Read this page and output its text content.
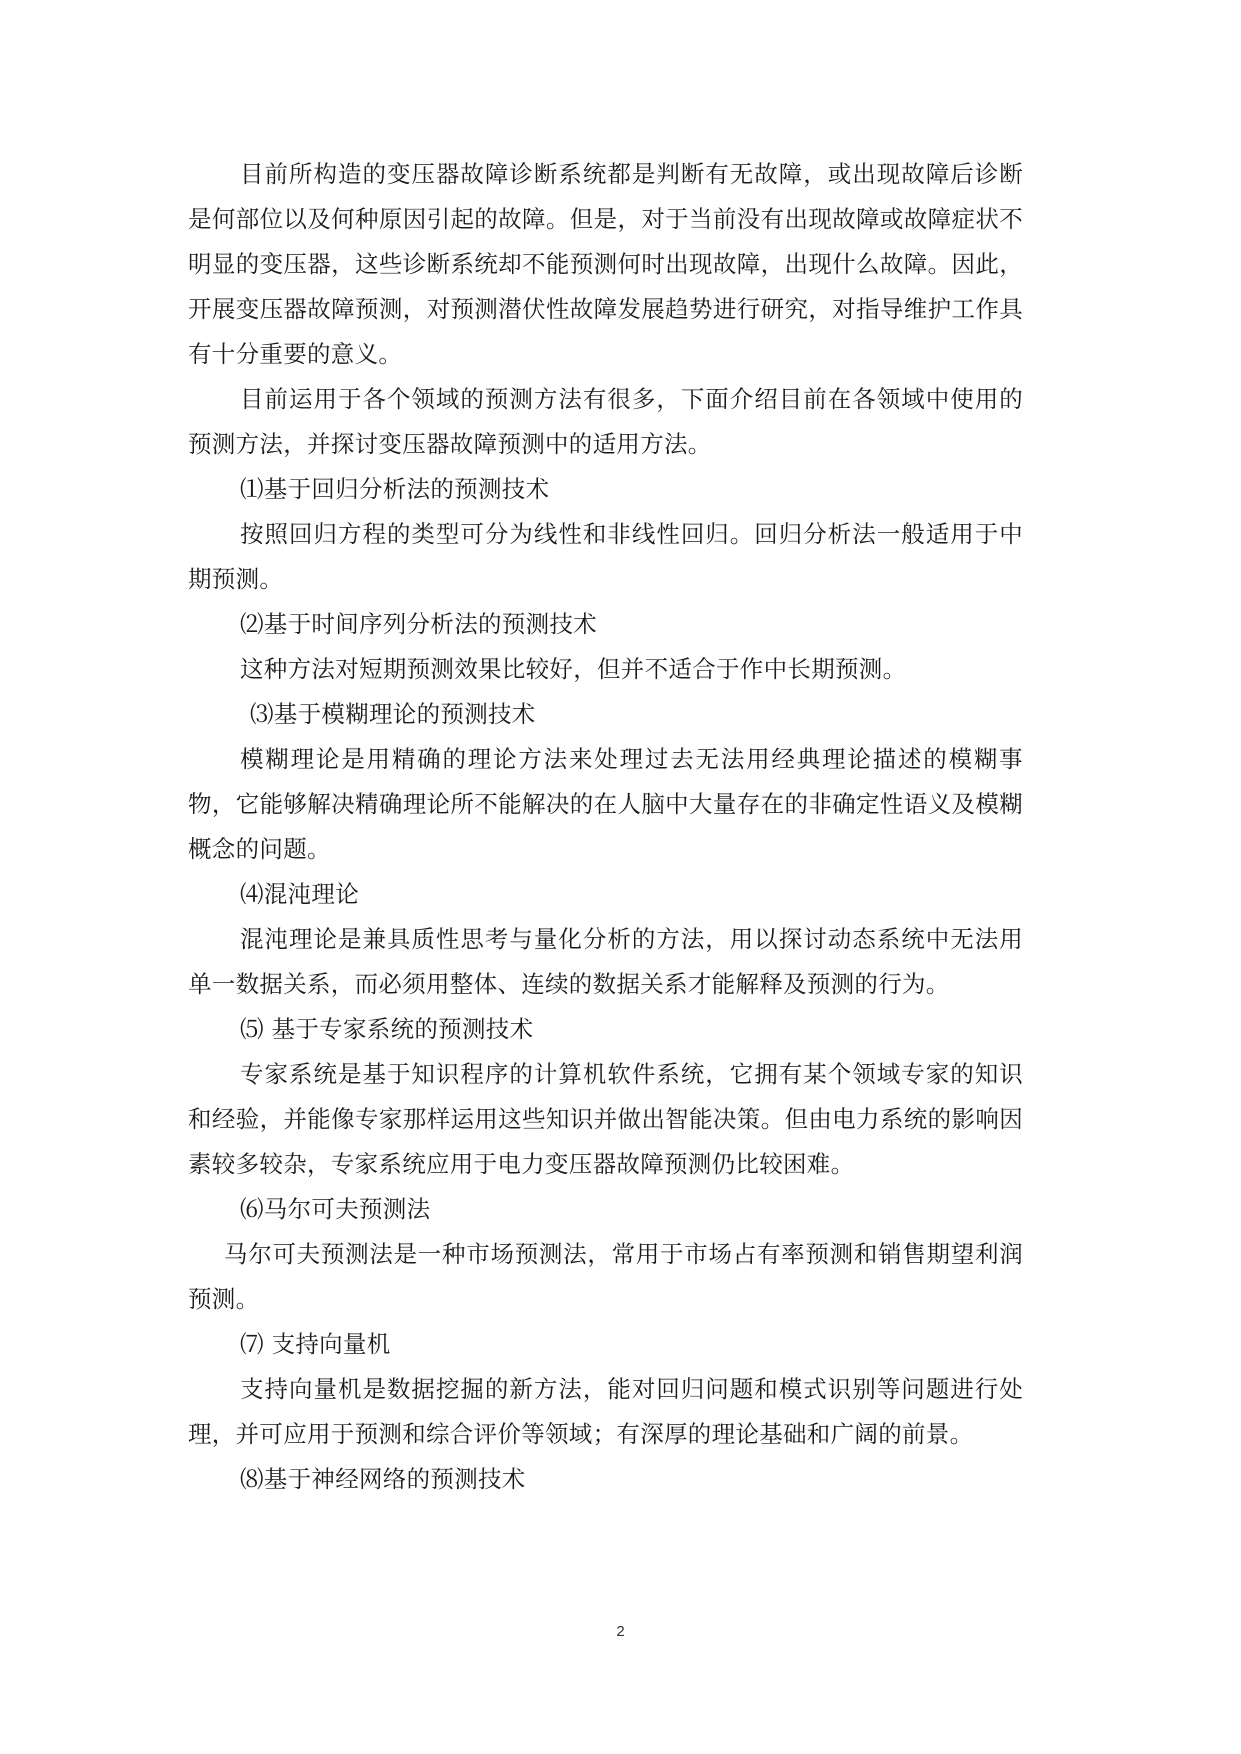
目前所构造的变压器故障诊断系统都是判断有无故障，或出现故障后诊断是何部位以及何种原因引起的故障。但是，对于当前没有出现故障或故障症状不明显的变压器，这些诊断系统却不能预测何时出现故障，出现什么故障。因此，开展变压器故障预测，对预测潜伏性故障发展趋势进行研究，对指导维护工作具有十分重要的意义。

目前运用于各个领域的预测方法有很多，下面介绍目前在各领域中使用的预测方法，并探讨变压器故障预测中的适用方法。

⑴基于回归分析法的预测技术

按照回归方程的类型可分为线性和非线性回归。回归分析法一般适用于中期预测。

⑵基于时间序列分析法的预测技术

这种方法对短期预测效果比较好，但并不适合于作中长期预测。

⑶基于模糊理论的预测技术

模糊理论是用精确的理论方法来处理过去无法用经典理论描述的模糊事物，它能够解决精确理论所不能解决的在人脑中大量存在的非确定性语义及模糊概念的问题。

⑷混沌理论

混沌理论是兼具质性思考与量化分析的方法，用以探讨动态系统中无法用单一数据关系，而必须用整体、连续的数据关系才能解释及预测的行为。

⑸ 基于专家系统的预测技术

专家系统是基于知识程序的计算机软件系统，它拥有某个领域专家的知识和经验，并能像专家那样运用这些知识并做出智能决策。但由电力系统的影响因素较多较杂，专家系统应用于电力变压器故障预测仍比较困难。

⑹马尔可夫预测法

马尔可夫预测法是一种市场预测法，常用于市场占有率预测和销售期望利润预测。

⑺ 支持向量机

支持向量机是数据挖掘的新方法，能对回归问题和模式识别等问题进行处理，并可应用于预测和综合评价等领域；有深厚的理论基础和广阔的前景。

⑻基于神经网络的预测技术

2
